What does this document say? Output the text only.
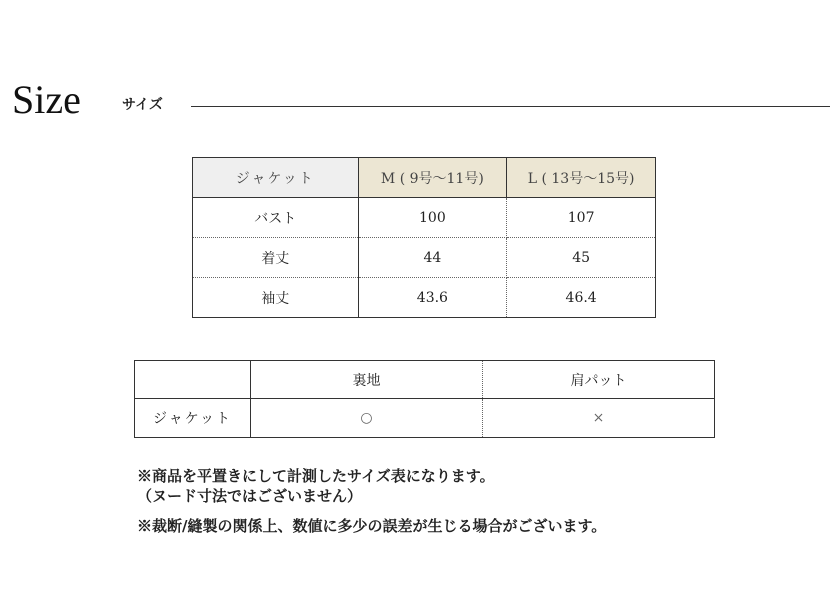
Size	サイズ
ジャケット	M ( 9号～11号)	L ( 13号～15号)
バスト	100	107
着丈	44	45
袖丈	43.6	46.4
	裏地	肩パット
ジャケット	○	×
※商品を平置きにして計測したサイズ表になります。
（ヌード寸法ではございません）
※裁断/縫製の関係上、数値に多少の誤差が生じる場合がございます。
